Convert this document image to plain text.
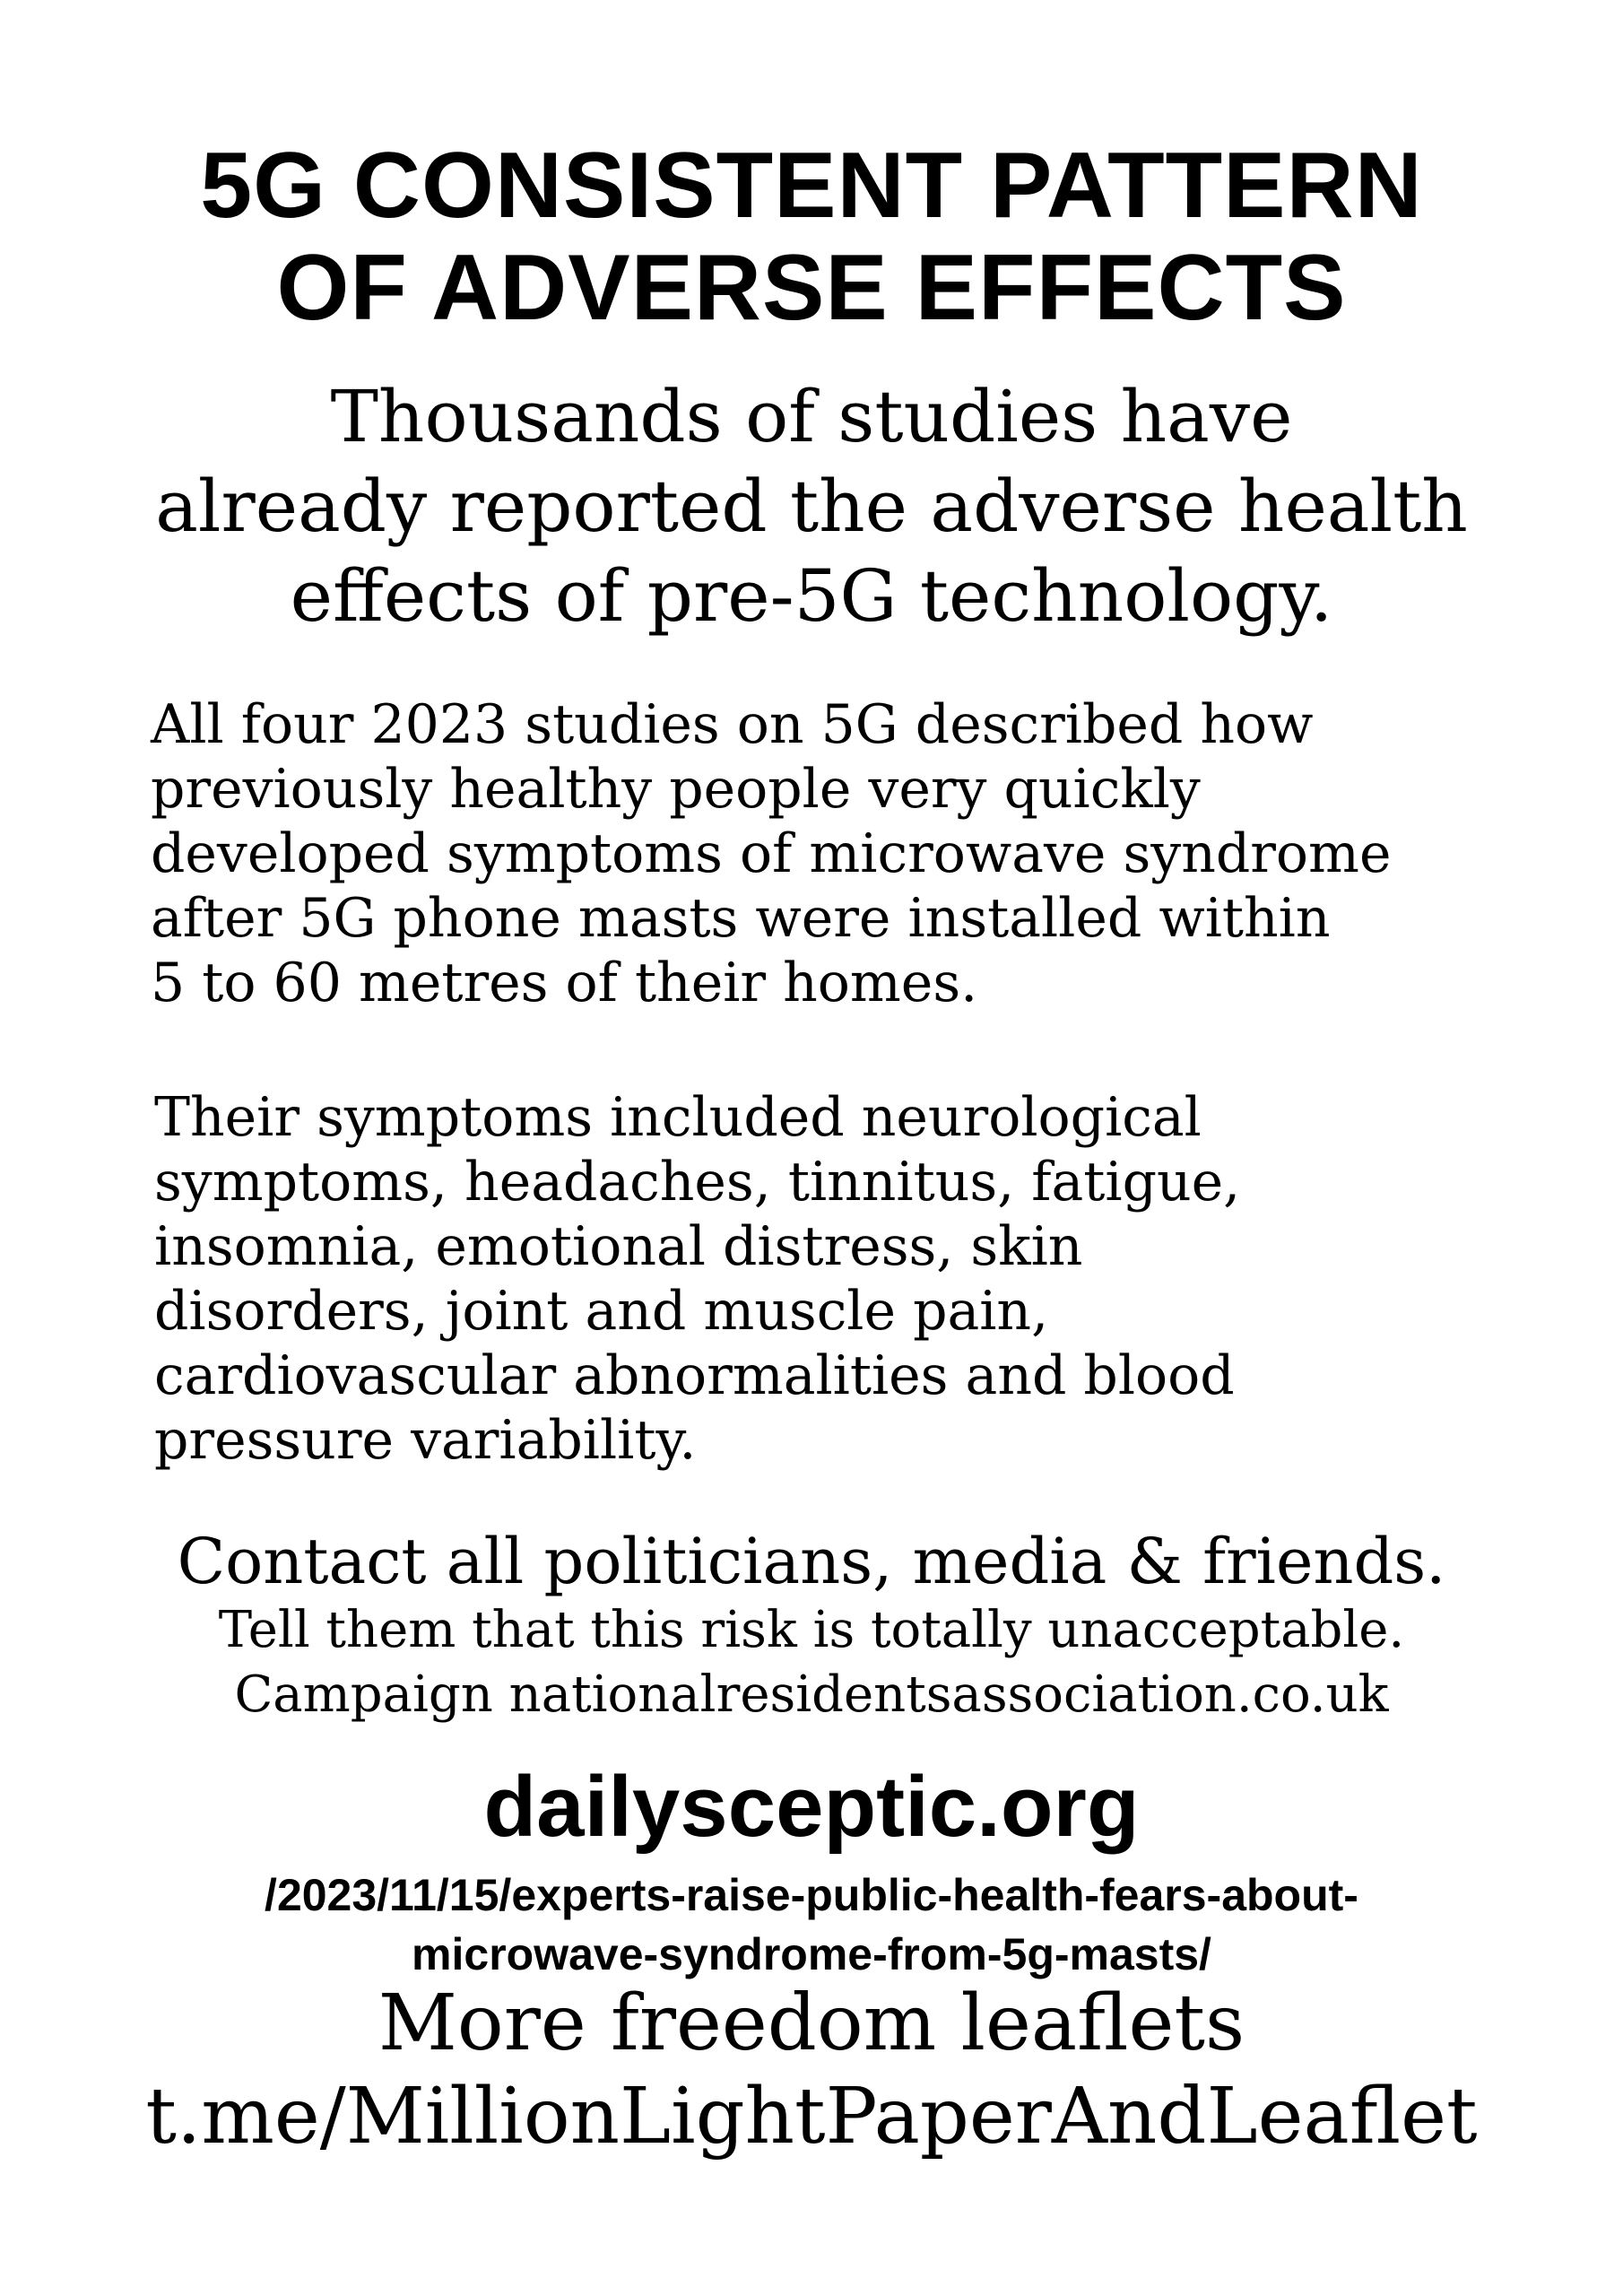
5G CONSISTENT PATTERN
OF ADVERSE EFFECTS
Thousands of studies have
already reported the adverse health
effects of pre-5G technology.
All four 2023 studies on 5G described how
previously healthy people very quickly
developed symptoms of microwave syndrome
after 5G phone masts were installed within
5 to 60 metres of their homes.
Their symptoms included neurological
symptoms, headaches, tinnitus, fatigue,
insomnia, emotional distress, skin
disorders, joint and muscle pain,
cardiovascular abnormalities and blood
pressure variability.
Contact all politicians, media & friends.
Tell them that this risk is totally unacceptable.
Campaign nationalresidentsassociation.co.uk
dailysceptic.org
/2023/11/15/experts-raise-public-health-fears-about-
microwave-syndrome-from-5g-masts/
More freedom leaflets
t.me/MillionLightPaperAndLeaflet
